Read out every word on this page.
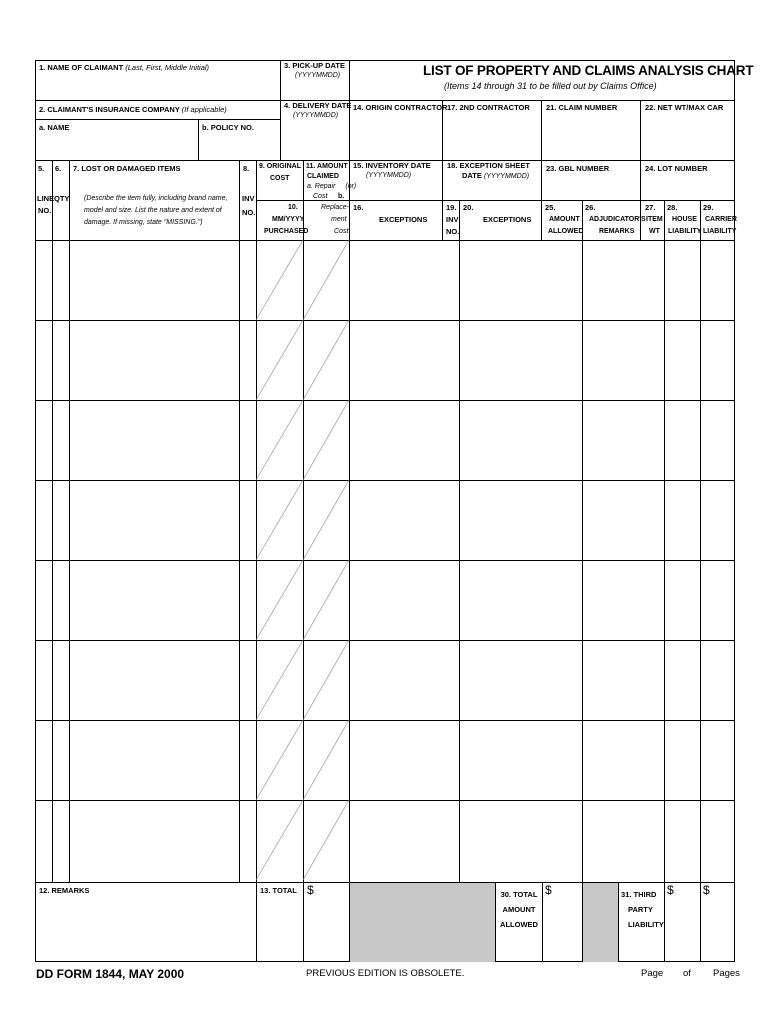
LIST OF PROPERTY AND CLAIMS ANALYSIS CHART
(Items 14 through 31 to be filled out by Claims Office)
1. NAME OF CLAIMANT (Last, First, Middle Initial)
2. CLAIMANT'S INSURANCE COMPANY (If applicable)
a. NAME	b. POLICY NO.
3. PICK-UP DATE
(YYYYMMDD)
4. DELIVERY DATE
(YYYYMMDD)
14. ORIGIN CONTRACTOR 17. 2ND CONTRACTOR 21. CLAIM NUMBER	22. NET WT/MAX CAR
15. INVENTORY DATE
(YYYYMMDD)
18. EXCEPTION SHEET
DATE (YYYYMMDD)
23. GBL NUMBER	24. LOT NUMBER
5.
LINE
NO.
6.
QTY
7. LOST OR DAMAGED ITEMS
(Describe the item fully, including brand name,
model and size. List the nature and extent of
damage. If missing, state "MISSING.")
8.
INV
NO.
9. ORIGINAL
COST
10.
MM/YYYY
PURCHASED
11. AMOUNT
CLAIMED
a. Repair (or)
Cost b.
Replace-
ment
Cost
16.
EXCEPTIONS
19.
INV
NO.
20.
EXCEPTIONS
25.
AMOUNT
ALLOWED
26.
ADJUDICATOR'S
REMARKS
27.
ITEM
WT
28.
HOUSE
LIABILITY
29.
CARRIER
LIABILITY
12. REMARKS	13. TOTAL $	30. TOTAL
AMOUNT
ALLOWED
$	31. THIRD
PARTY
LIABILITY
$ $
DD FORM 1844, MAY 2000	PREVIOUS EDITION IS OBSOLETE.	Page of Pages
